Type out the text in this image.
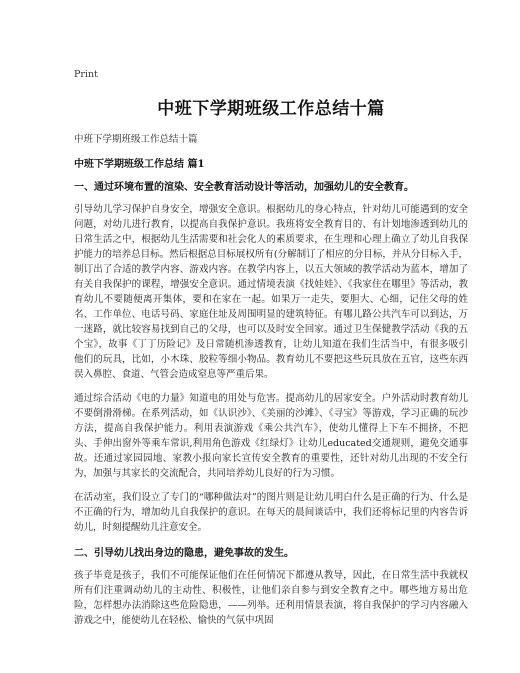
Print
中班下学期班级工作总结十篇
中班下学期班级工作总结十篇
中班下学期班级工作总结 篇1
一、通过环境布置的渲染、安全教育活动设计等活动，加强幼儿的安全教育。

引导幼儿学习保护自身安全，增强安全意识。根据幼儿的身心特点，针对幼儿可能遇到的安全问题，对幼儿进行教育，以提高自我保护意识。我班将安全教育目的、有计划地渗透到幼儿的日常生活之中，根据幼儿生活需要和社会化人的素质要求，在生理和心理上确立了幼儿自我保护能力的培养总目标。然后根据总目标展权所有(分解制订了相应的分目标，并从分目标入手，制订出了合适的教学内容、游戏内容。在教学内容上，以五大领域的教学活动为蓝本，增加了有关自我保护的课程，增强安全意识。通过情境表演《找娃娃》、《我家住在哪里》等活动，教育幼儿不要随便离开集体，要和在家在一起。如果万一走失，要胆大、心细，记住父母的姓名、工作单位、电话号码、家庭住址及周围明显的建筑特征。有哪儿路公共汽车可以到达，万一迷路，就比较容易找到自己的父母，也可以及时安全回家。通过卫生保健教学活动《我的五个宝》，故事《丁丁历险记》及日常随机渗透教育，让幼儿知道在我们生活当中，有很多吸引他们的玩具，比如，小木珠、胶粒等细小物品。教育幼儿不要把这些玩具放在五官，这些东西误入鼻腔、食道、气管会造成窒息等严重后果。

通过综合活动《电的力量》知道电的用处与危害。提高幼儿的居家安全。户外活动时教育幼儿不要倒滑滑梯。在系列活动，如《认识沙》、《美丽的沙滩》、《寻宝》等游戏，学习正确的玩沙方法，提高自我保护能力。利用表演游戏《乘公共汽车》，使幼儿懂得上下车不拥挤，不把头、手伸出窗外等乘车常识,利用角色游戏《红绿灯》让幼儿educated交通规则，避免交通事故。还通过家园园地、家教小报向家长宣传安全教育的重要性，还针对幼儿出现的不安全行为，加强与其家长的交流配合，共同培养幼儿良好的行为习惯。

在活动室，我们设立了专门的“哪种做法对”的图片则是让幼儿明白什么是正确的行为、什么是不正确的行为，增加幼儿自我保护的意识。在每天的晨间谈话中，我们还将标记里的内容告诉幼儿，时刻提醒幼儿注意安全。

二、引导幼儿找出身边的隐患，避免事故的发生。

孩子毕竟是孩子，我们不可能保证他们在任何情况下都遵从教导，因此，在日常生活中我就权所有们注重调动幼儿的主动性、积极性，让他们亲自参与到安全教育之中。哪些地方易出危险，怎样想办法消除这些危险隐患，——列举。还利用情景表演，将自我保护的学习内容融入游戏之中，能使幼儿在轻松、愉快的气氛中巩固
